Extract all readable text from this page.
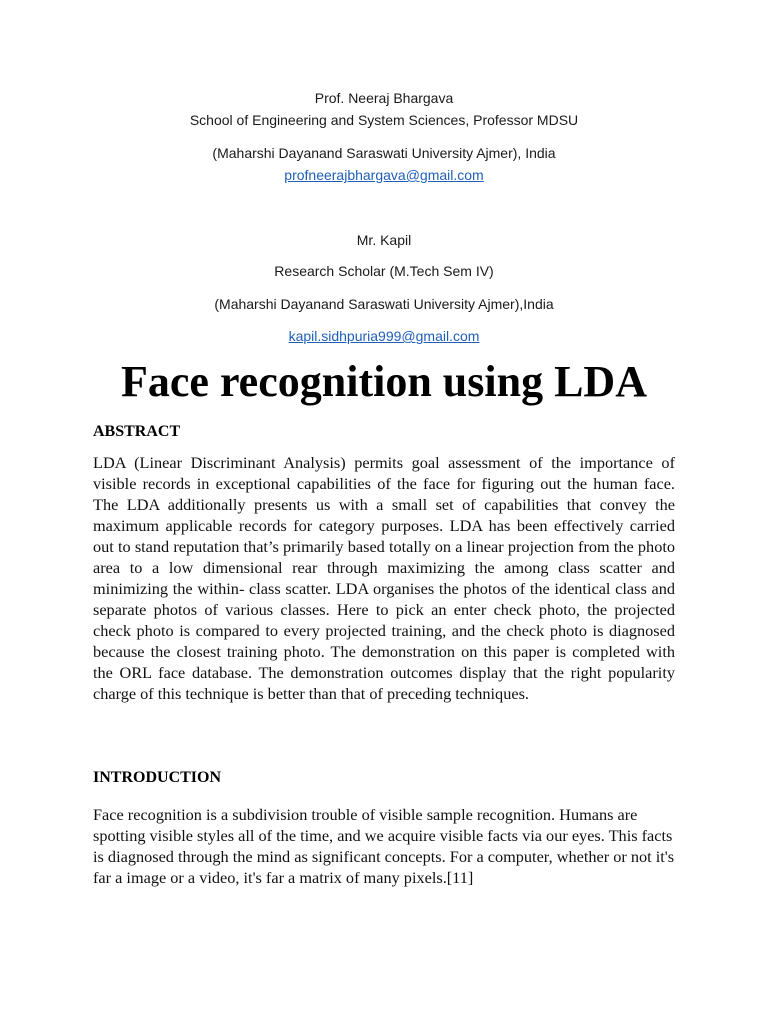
Prof. Neeraj Bhargava
School of Engineering and System Sciences, Professor MDSU
(Maharshi Dayanand Saraswati University Ajmer), India
profneerajbhargava@gmail.com
Mr. Kapil
Research Scholar (M.Tech Sem IV)
(Maharshi Dayanand Saraswati University Ajmer),India
kapil.sidhpuria999@gmail.com
Face recognition using LDA
ABSTRACT

LDA (Linear Discriminant Analysis) permits goal assessment of the importance of visible records in exceptional capabilities of the face for figuring out the human face. The LDA additionally presents us with a small set of capabilities that convey the maximum applicable records for category purposes. LDA has been effectively carried out to stand reputation that’s primarily based totally on a linear projection from the photo area to a low dimensional rear through maximizing the among class scatter and minimizing the within- class scatter. LDA organises the photos of the identical class and separate photos of various classes. Here to pick an enter check photo, the projected check photo is compared to every projected training, and the check photo is diagnosed because the closest training photo. The demonstration on this paper is completed with the ORL face database. The demonstration outcomes display that the right popularity charge of this technique is better than that of preceding techniques.

INTRODUCTION

Face recognition is a subdivision trouble of visible sample recognition. Humans are spotting visible styles all of the time, and we acquire visible facts via our eyes. This facts is diagnosed through the mind as significant concepts. For a computer, whether or not it's far a image or a video, it's far a matrix of many pixels.[11]
